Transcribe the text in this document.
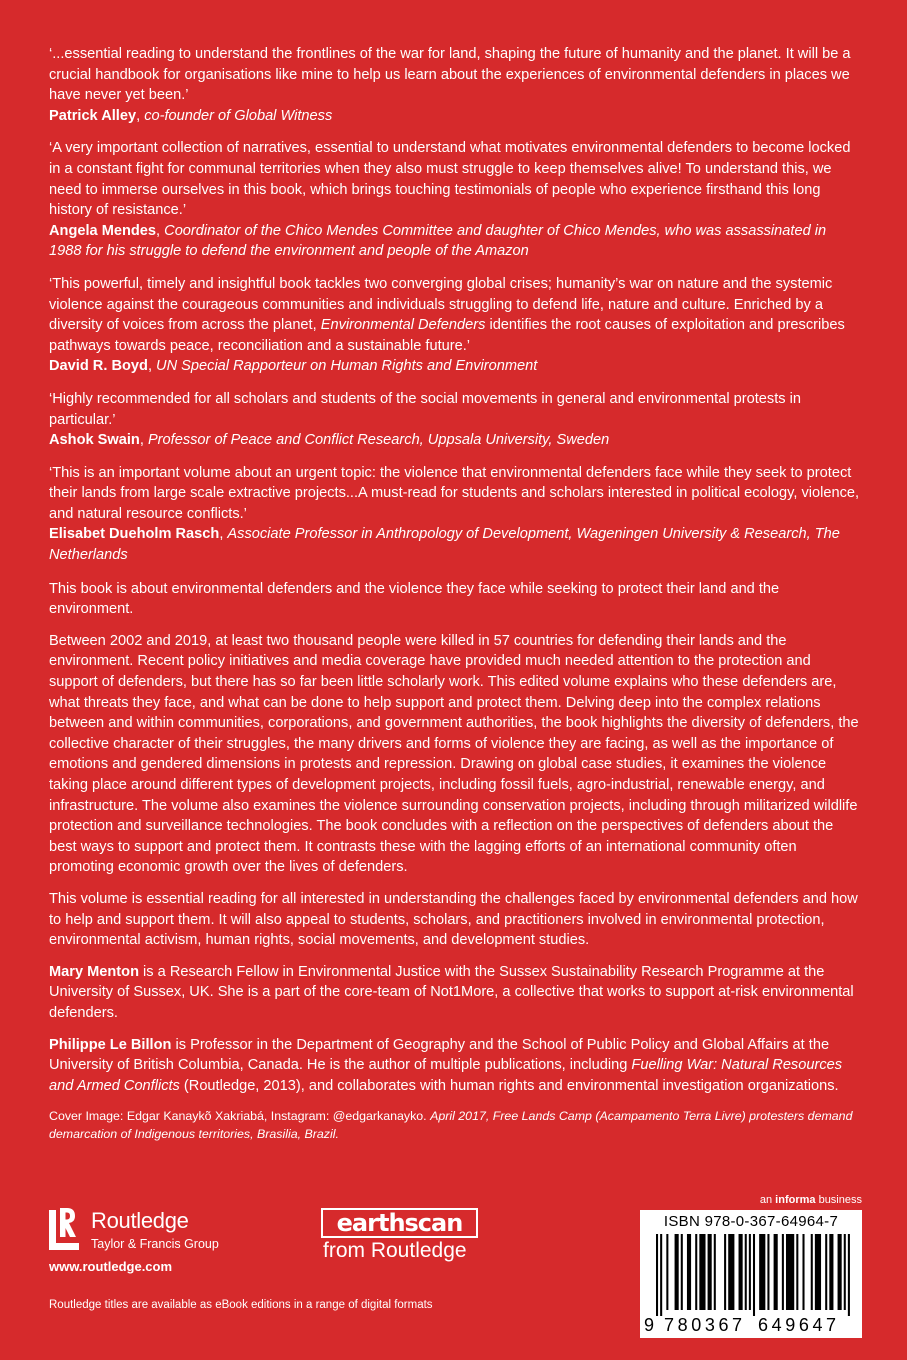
‘...essential reading to understand the frontlines of the war for land, shaping the future of humanity and the planet. It will be a crucial handbook for organisations like mine to help us learn about the experiences of environmental defenders in places we have never yet been.’

Patrick Alley, co-founder of Global Witness

‘A very important collection of narratives, essential to understand what motivates environmental defenders to become locked in a constant fight for communal territories when they also must struggle to keep themselves alive! To understand this, we need to immerse ourselves in this book, which brings touching testimonials of people who experience firsthand this long history of resistance.’

Angela Mendes, Coordinator of the Chico Mendes Committee and daughter of Chico Mendes, who was assassinated in 1988 for his struggle to defend the environment and people of the Amazon

‘This powerful, timely and insightful book tackles two converging global crises; humanity’s war on nature and the systemic violence against the courageous communities and individuals struggling to defend life, nature and culture. Enriched by a diversity of voices from across the planet, Environmental Defenders identifies the root causes of exploitation and prescribes pathways towards peace, reconciliation and a sustainable future.’

David R. Boyd, UN Special Rapporteur on Human Rights and Environment

‘Highly recommended for all scholars and students of the social movements in general and environmental protests in particular.’

Ashok Swain, Professor of Peace and Conflict Research, Uppsala University, Sweden

‘This is an important volume about an urgent topic: the violence that environmental defenders face while they seek to protect their lands from large scale extractive projects...A must-read for students and scholars interested in political ecology, violence, and natural resource conflicts.’

Elisabet Dueholm Rasch, Associate Professor in Anthropology of Development, Wageningen University & Research, The Netherlands

This book is about environmental defenders and the violence they face while seeking to protect their land and the environment.

Between 2002 and 2019, at least two thousand people were killed in 57 countries for defending their lands and the environment. Recent policy initiatives and media coverage have provided much needed attention to the protection and support of defenders, but there has so far been little scholarly work. This edited volume explains who these defenders are, what threats they face, and what can be done to help support and protect them. Delving deep into the complex relations between and within communities, corporations, and government authorities, the book highlights the diversity of defenders, the collective character of their struggles, the many drivers and forms of violence they are facing, as well as the importance of emotions and gendered dimensions in protests and repression. Drawing on global case studies, it examines the violence taking place around different types of development projects, including fossil fuels, agro-industrial, renewable energy, and infrastructure. The volume also examines the violence surrounding conservation projects, including through militarized wildlife protection and surveillance technologies. The book concludes with a reflection on the perspectives of defenders about the best ways to support and protect them. It contrasts these with the lagging efforts of an international community often promoting economic growth over the lives of defenders.

This volume is essential reading for all interested in understanding the challenges faced by environmental defenders and how to help and support them. It will also appeal to students, scholars, and practitioners involved in environmental protection, environmental activism, human rights, social movements, and development studies.

Mary Menton is a Research Fellow in Environmental Justice with the Sussex Sustainability Research Programme at the University of Sussex, UK. She is a part of the core-team of Not1More, a collective that works to support at-risk environmental defenders.

Philippe Le Billon is Professor in the Department of Geography and the School of Public Policy and Global Affairs at the University of British Columbia, Canada. He is the author of multiple publications, including Fuelling War: Natural Resources and Armed Conflicts (Routledge, 2013), and collaborates with human rights and environmental investigation organizations.

Cover Image: Edgar Kanaykõ Xakriabá, Instagram: @edgarkanayko. April 2017, Free Lands Camp (Acampamento Terra Livre) protesters demand demarcation of Indigenous territories, Brasilia, Brazil.

Routledge
Taylor & Francis Group
www.routledge.com
earthscan
from Routledge
an informa business
ISBN 978-0-367-64964-7
9 780367 649647
Routledge titles are available as eBook editions in a range of digital formats
